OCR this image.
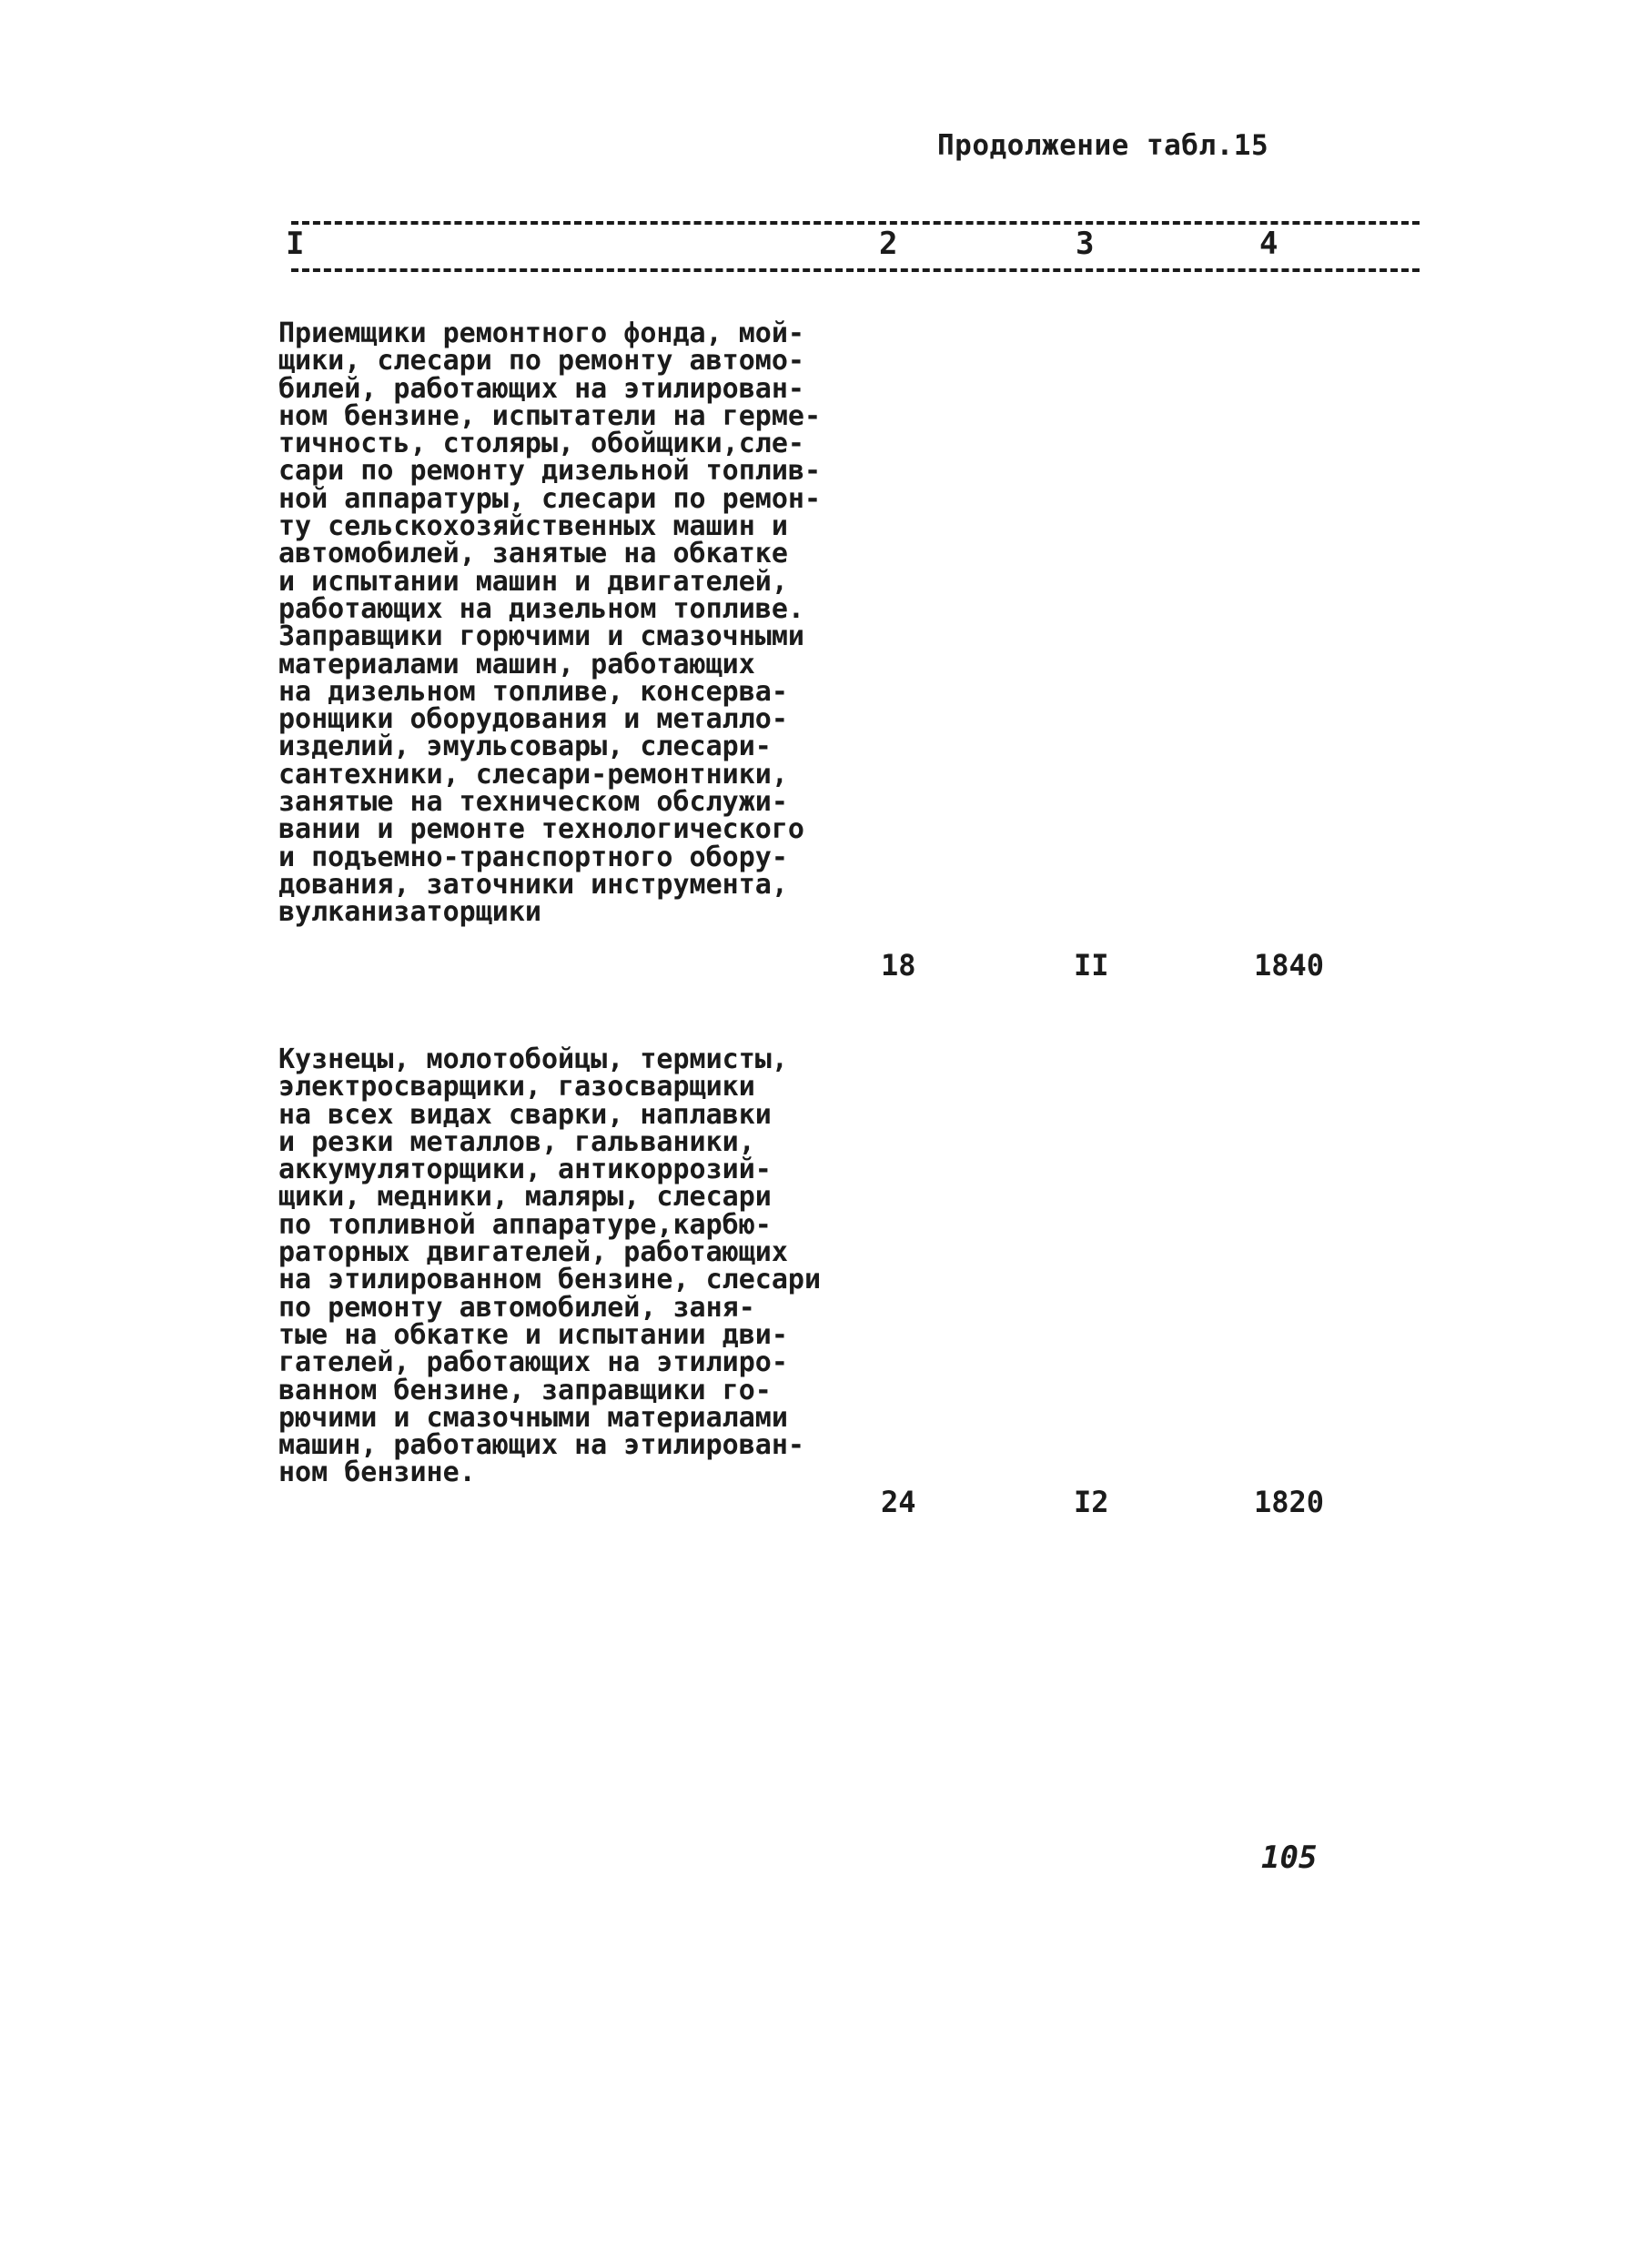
Продолжение табл.15
I	2	3	4
Приемщики ремонтного фонда, мой-
щики, слесари по ремонту автомо-
билей, работающих на этилирован-
ном бензине, испытатели на герме-
тичность, столяры, обойщики,сле-
сари по ремонту дизельной топлив-
ной аппаратуры, слесари по ремон-
ту сельскохозяйственных машин и
автомобилей, занятые на обкатке
и испытании машин и двигателей,
работающих на дизельном топливе.
Заправщики горючими и смазочными
материалами машин, работающих
на дизельном топливе, консерва-
ронщики оборудования и металло-
изделий, эмульсовары, слесари-
сантехники, слесари-ремонтники,
занятые на техническом обслужи-
вании и ремонте технологического
и подъемно-транспортного обору-
дования, заточники инструмента,
вулканизаторщики
18	II	1840
Кузнецы, молотобойцы, термисты,
электросварщики, газосварщики
на всех видах сварки, наплавки
и резки металлов, гальваники,
аккумуляторщики, антикоррозий-
щики, медники, маляры, слесари
по топливной аппаратуре,карбю-
раторных двигателей, работающих
на этилированном бензине, слесари
по ремонту автомобилей, заня-
тые на обкатке и испытании дви-
гателей, работающих на этилиро-
ванном бензине, заправщики го-
рючими и смазочными материалами
машин, работающих на этилирован-
ном бензине.
24	I2	1820
105
